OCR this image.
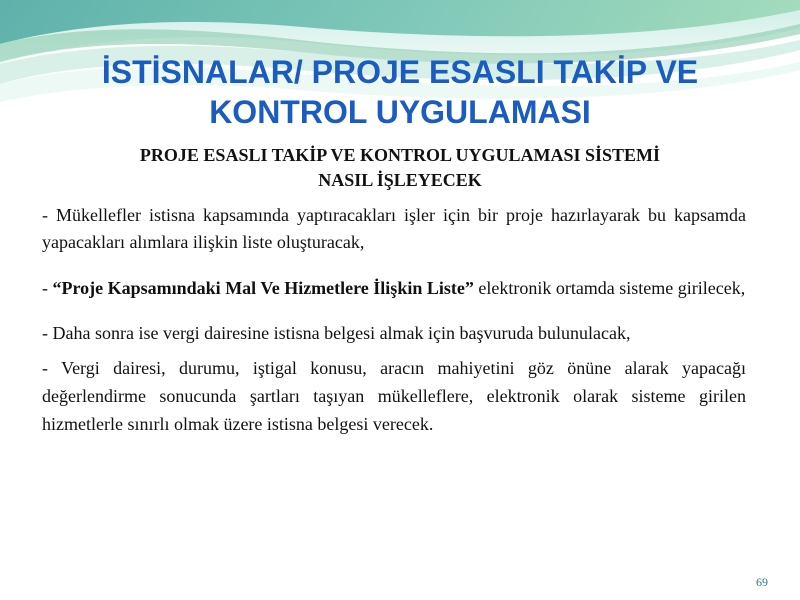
İSTİSNALAR/ PROJE ESASLI TAKİP VE
KONTROL UYGULAMASI
PROJE ESASLI TAKİP VE KONTROL UYGULAMASI SİSTEMİ
NASIL İŞLEYECEK

- Mükellefler istisna kapsamında yaptıracakları işler için bir proje hazırlayarak bu kapsamda yapacakları alımlara ilişkin liste oluşturacak,

- “Proje Kapsamındaki Mal Ve Hizmetlere İlişkin Liste” elektronik ortamda sisteme girilecek,

- Daha sonra ise vergi dairesine istisna belgesi almak için başvuruda bulunulacak,

- Vergi dairesi, durumu, iştigal konusu, aracın mahiyetini göz önüne alarak yapacağı değerlendirme sonucunda şartları taşıyan mükelleflere, elektronik olarak sisteme girilen hizmetlerle sınırlı olmak üzere istisna belgesi verecek.

69
